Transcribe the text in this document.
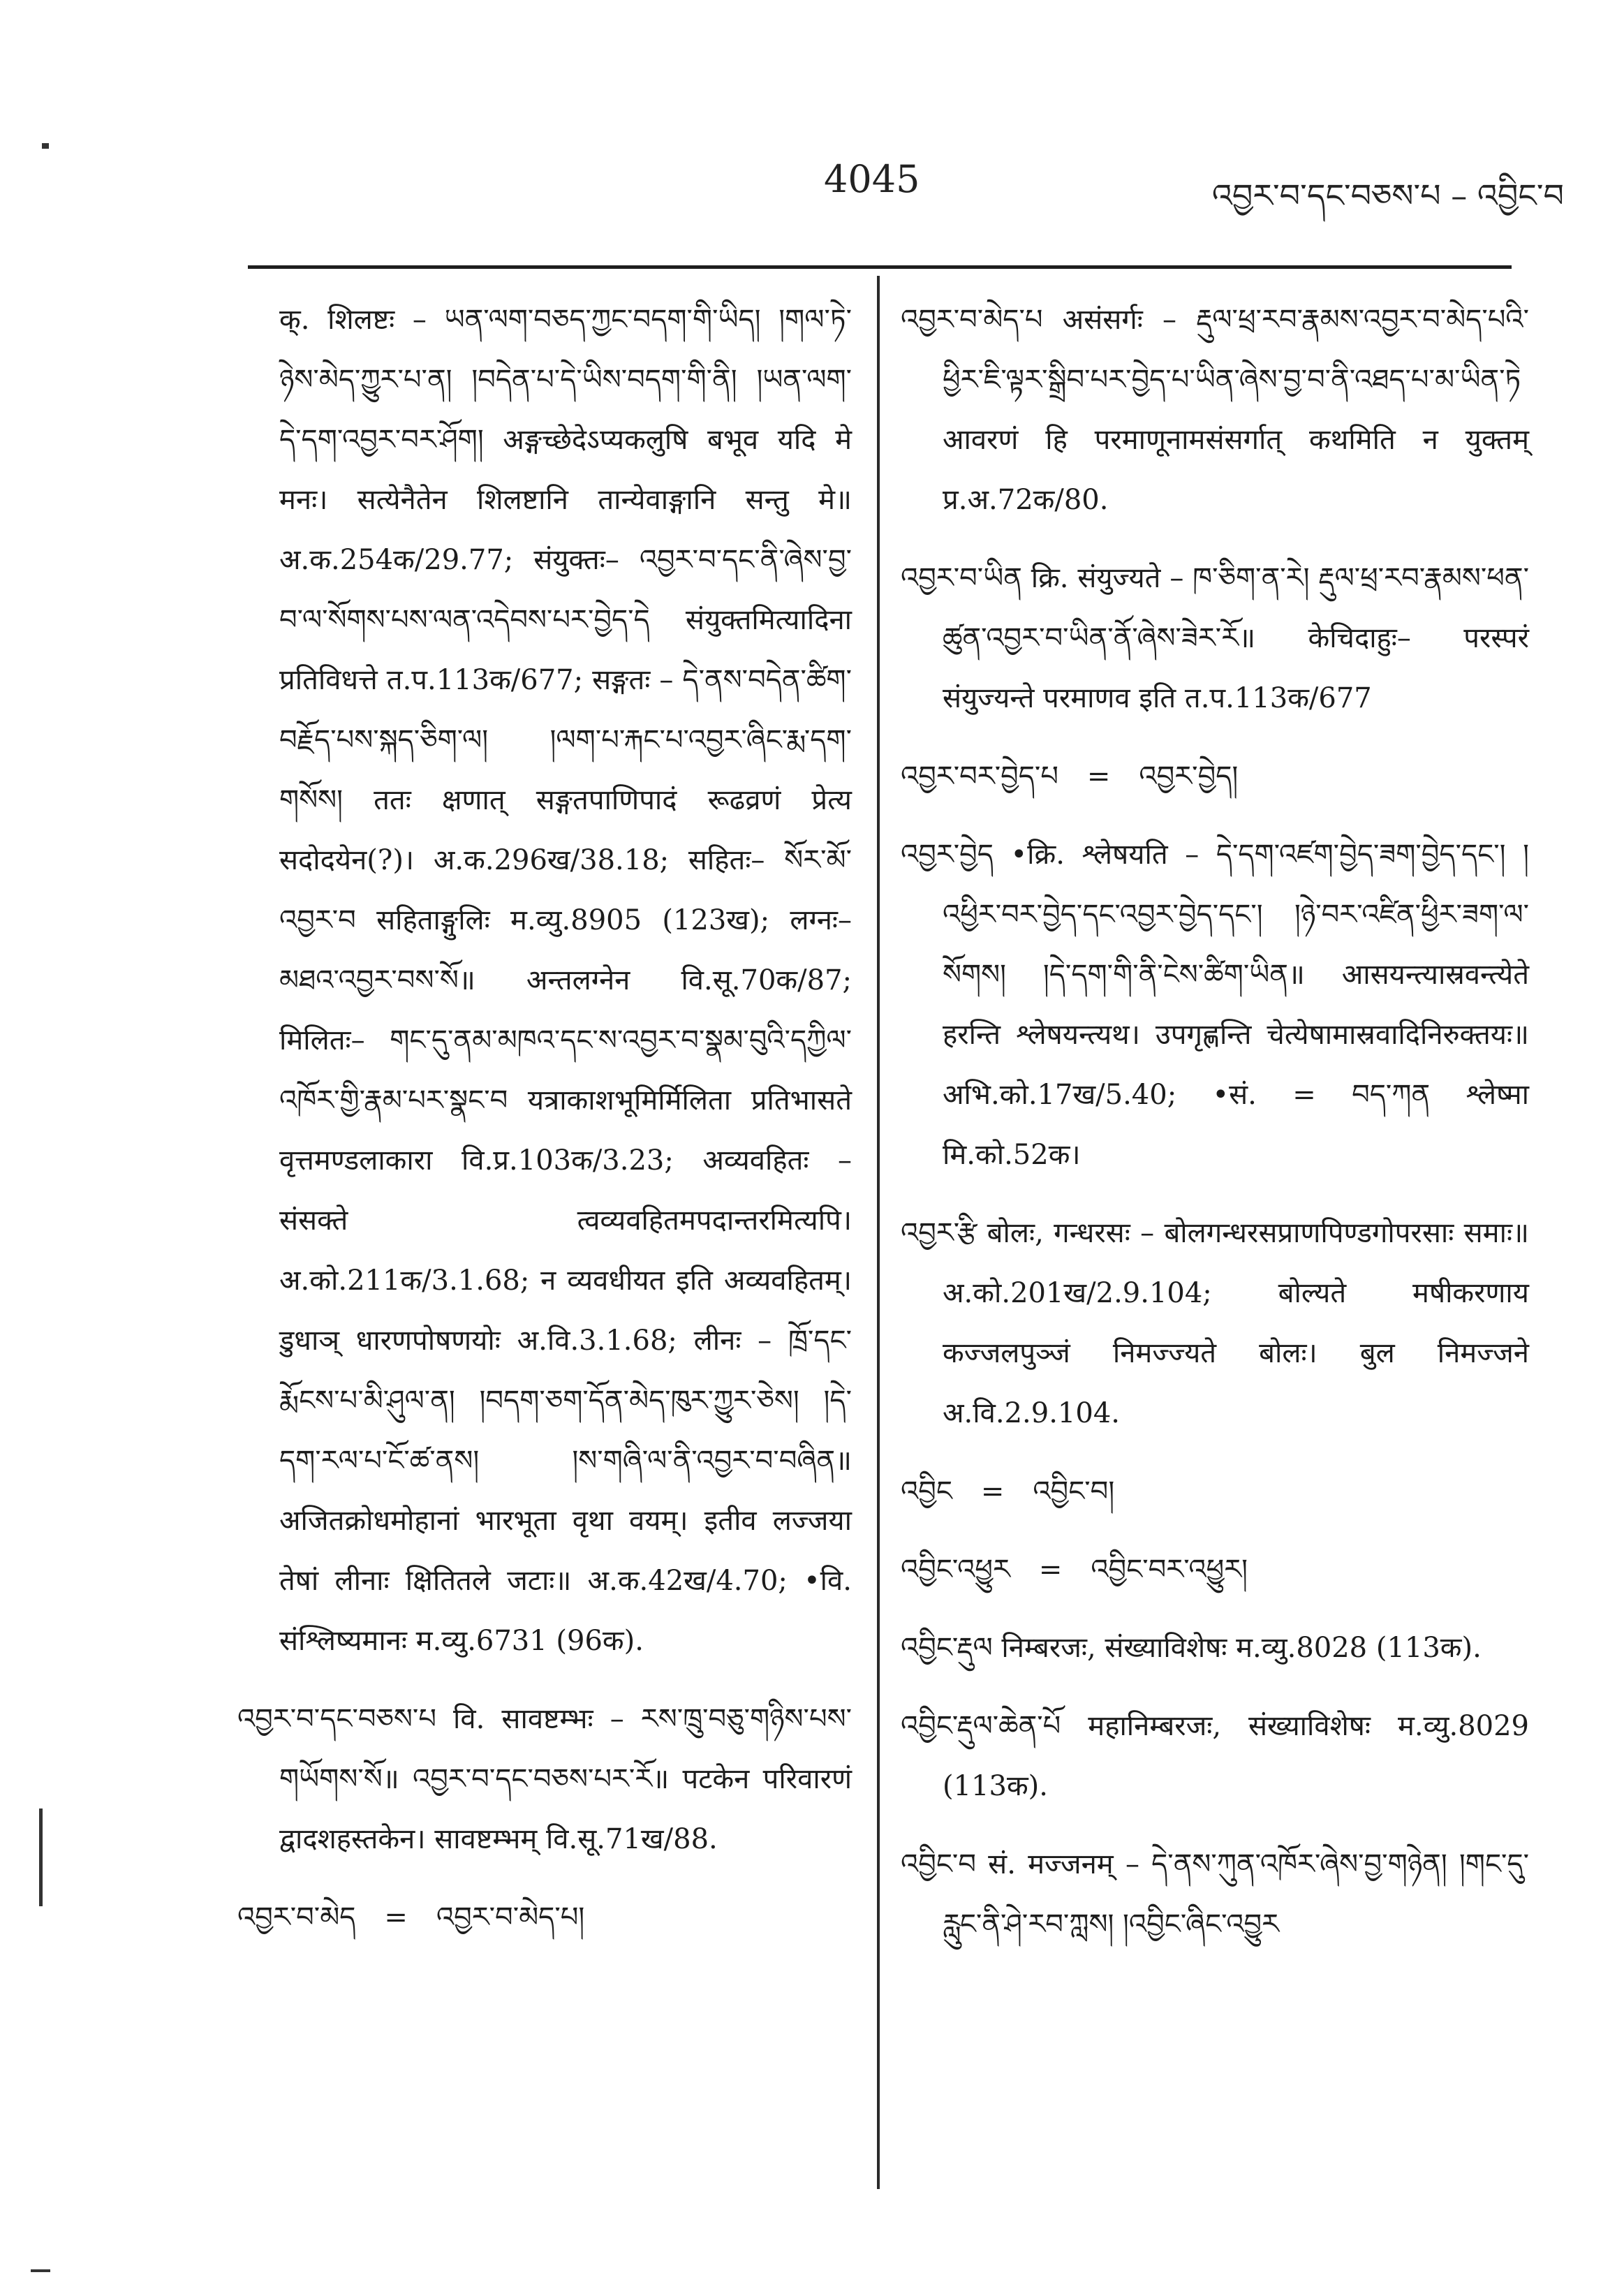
4045	འབྱར་བ་དང་བཅས་པ – འབྱིང་བ
क्. शिलष्टः – ཡན་ལག་བཅད་ཀྱང་བདག་གི་ཡིད། །གལ་ཏེ་ཉེས་མེད་ཀྱུར་པ་ན། །བདེན་པ་དེ་ཡིས་བདག་གི་ནི། །ཡན་ལག་དེ་དག་འབྱར་བར་ཤོག། अङ्गच्छेदेऽप्यकलुषि बभूव यदि मे मनः। सत्येनैतेन शिलष्टानि तान्येवाङ्गानि सन्तु मे॥ अ.क.254क/29.77; संयुक्तः– འབྱར་བ་དང་ནི་ཞེས་བྱ་བ་ལ་སོགས་པས་ལན་འདེབས་པར་བྱེད་དེ संयुक्तमित्यादिना प्रतिविधत्ते त.प.113क/677; सङ्गतः – དེ་ནས་བདེན་ཚིག་བརྗོད་པས་སྐད་ཅིག་ལ། །ལག་པ་རྐང་པ་འབྱར་ཞིང་རྨ་དག་གསོས། ततः क्षणात् सङ्गतपाणिपादं रूढव्रणं प्रेत्य सदोदयेन(?)। अ.क.296ख/38.18; सहितः– སོར་མོ་འབྱར་བ सहिताङ्गुलिः म.व्यु.8905 (123ख); लग्नः– མཐའ་འབྱར་བས་སོ॥ अन्तलग्नेन वि.सू.70क/87; मिलितः– གང་དུ་ནམ་མཁའ་དང་ས་འབྱར་བ་སྣམ་བུའི་དཀྱིལ་འཁོར་གྱི་རྣམ་པར་སྣང་བ यत्राकाशभूमिर्मिलिता प्रतिभासते वृत्तमण्डलाकारा वि.प्र.103क/3.23; अव्यवहितः – संसक्ते त्वव्यवहितमपदान्तरमित्यपि। अ.को.211क/3.1.68; न व्यवधीयत इति अव्यवहितम्। डुधाञ् धारणपोषणयोः अ.वि.3.1.68; लीनः – ཁྲོ་དང་རྨོངས་པ་མི་ཤུལ་ན། །བདག་ཅག་དོན་མེད་ཁུར་ཀྱུར་ཅེས། །དེ་དག་རལ་པ་ངོ་ཚ་ནས། །ས་གཞི་ལ་ནི་འབྱར་བ་བཞིན॥ अजितक्रोधमोहानां भारभूता वृथा वयम्। इतीव लज्जया तेषां लीनाः क्षितितले जटाः॥ अ.क.42ख/4.70; •वि. संश्लिष्यमानः म.व्यु.6731 (96क).
འབྱར་བ་དང་བཅས་པ वि. सावष्टम्भः – རས་ཁྲུ་བཅུ་གཉིས་པས་གཡོགས་སོ॥ འབྱར་བ་དང་བཅས་པར་རོ॥ पटकेन परिवारणं द्वादशहस्तकेन। सावष्टम्भम् वि.सू.71ख/88.
འབྱར་བ་མེད = འབྱར་བ་མེད་པ།
འབྱར་བ་མེད་པ असंसर्गः – རྡུལ་ཕྲ་རབ་རྣམས་འབྱར་བ་མེད་པའི་ཕྱིར་ཇི་ལྟར་སྒྲིབ་པར་བྱེད་པ་ཡིན་ཞེས་བྱ་བ་ནི་འཐད་པ་མ་ཡིན་ཏེ आवरणं हि परमाणूनामसंसर्गात् कथमिति न युक्तम् प्र.अ.72क/80.
འབྱར་བ་ཡིན क्रि. संयुज्यते – ཁ་ཅིག་ན་རེ། རྡུལ་ཕྲ་རབ་རྣམས་ཕན་ཚུན་འབྱར་བ་ཡིན་ནོ་ཞེས་ཟེར་རོ॥ केचिदाहुः– परस्परं संयुज्यन्ते परमाणव इति त.प.113क/677
འབྱར་བར་བྱེད་པ = འབྱར་བྱེད།
འབྱར་བྱེད •क्रि. श्लेषयति – དེ་དག་འཛག་བྱེད་ཟག་བྱེད་དང་། །འཕྱིར་བར་བྱེད་དང་འབྱར་བྱེད་དང་། །ཉེ་བར་འཛིན་ཕྱིར་ཟག་ལ་སོགས། །དེ་དག་གི་ནི་ངེས་ཚིག་ཡིན॥ आसयन्त्यास्रवन्त्येते हरन्ति श्लेषयन्त्यथ। उपगृह्णन्ति चेत्येषामास्रवादिनिरुक्तयः॥ अभि.को.17ख/5.40; •सं. = བད་ཀན श्लेष्मा मि.को.52क।
འབྱར་རྩི बोलः, गन्धरसः – बोलगन्धरसप्राणपिण्डगोपरसाः समाः॥ अ.को.201ख/2.9.104; बोल्यते मषीकरणाय कज्जलपुञ्जं निमज्ज्यते बोलः। बुल निमज्जने अ.वि.2.9.104.
འབྱིང = འབྱིང་བ།
འབྱིང་འཕྱུར = འབྱིང་བར་འཕྱུར།
འབྱིང་རྡུལ निम्बरजः, संख्याविशेषः म.व्यु.8028 (113क).
འབྱིང་རྡུལ་ཆེན་པོ महानिम्बरजः, संख्याविशेषः म.व्यु.8029 (113क).
འབྱིང་བ सं. मज्जनम् – དེ་ནས་ཀུན་འཁོར་ཞེས་བྱ་གཉེན། །གང་དུ་རླུང་ནི་ཤེ་རབ་ཀླས། །འབྱིང་ཞིང་འབྱུར
